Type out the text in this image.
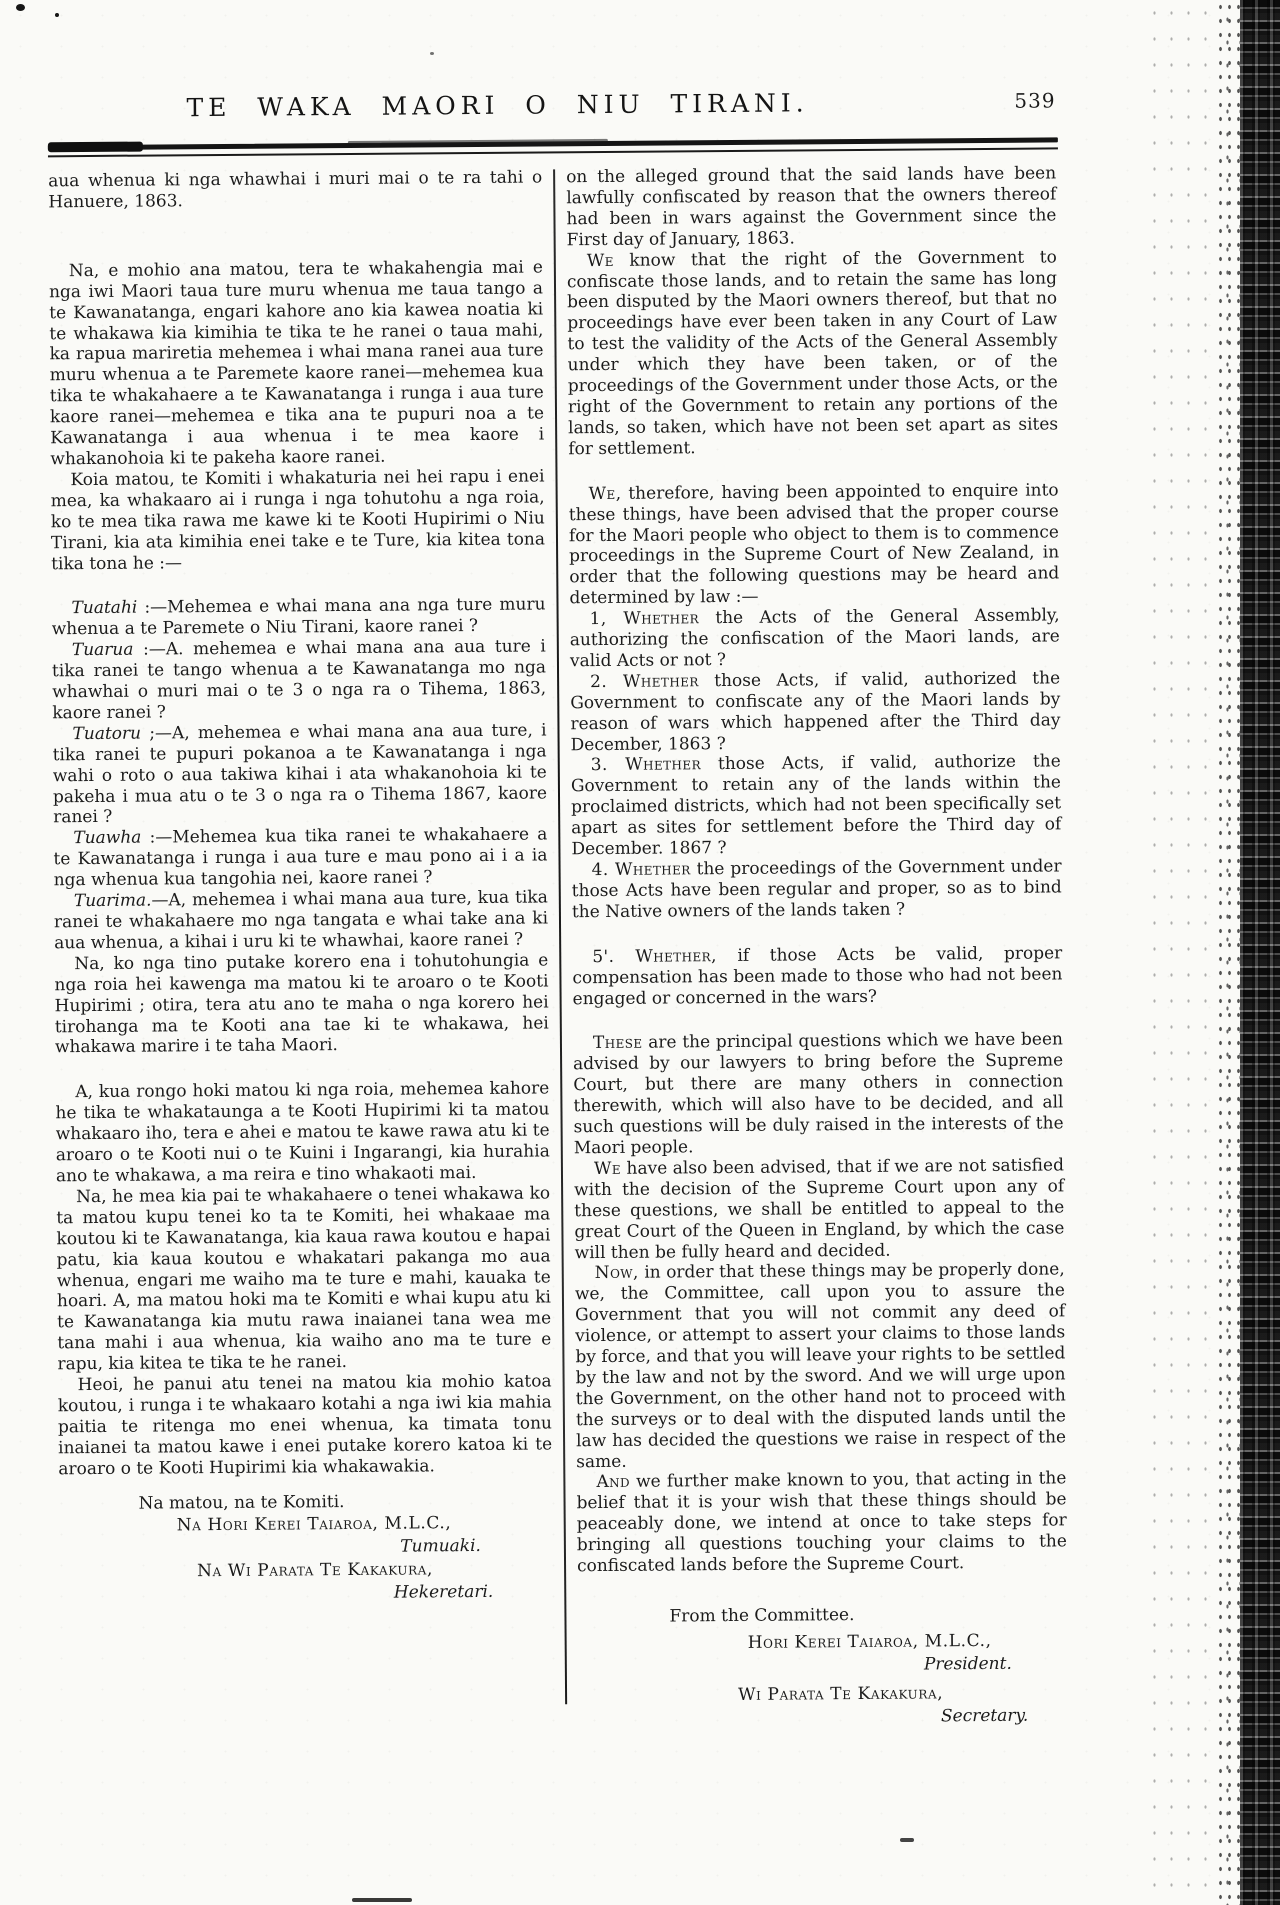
TE WAKA MAORI O NIU TIRANI.	539

aua whenua ki nga whawhai i muri mai o te ra tahi o Hanuere, 1863.

Na, e mohio ana matou, tera te whakahengia mai e nga iwi Maori taua ture muru whenua me taua tango a te Kawanatanga, engari kahore ano kia kawea noatia ki te whakawa kia kimihia te tika te he ranei o taua mahi, ka rapua mariretia mehemea i whai mana ranei aua ture muru whenua a te Paremete kaore ranei—mehemea kua tika te whakahaere a te Kawanatanga i runga i aua ture kaore ranei—mehemea e tika ana te pupuri noa a te Kawanatanga i aua whenua i te mea kaore i whakanohoia ki te pakeha kaore ranei.

Koia matou, te Komiti i whakaturia nei hei rapu i enei mea, ka whakaaro ai i runga i nga tohutohu a nga roia, ko te mea tika rawa me kawe ki te Kooti Hupirimi o Niu Tirani, kia ata kimihia enei take e te Ture, kia kitea tona tika tona he :—

Tuatahi :—Mehemea e whai mana ana nga ture muru whenua a te Paremete o Niu Tirani, kaore ranei ?

Tuarua :—A. mehemea e whai mana ana aua ture i tika ranei te tango whenua a te Kawanatanga mo nga whawhai o muri mai o te 3 o nga ra o Tihema, 1863, kaore ranei ?

Tuatoru ;—A, mehemea e whai mana ana aua ture, i tika ranei te pupuri pokanoa a te Kawanatanga i nga wahi o roto o aua takiwa kihai i ata whakanohoia ki te pakeha i mua atu o te 3 o nga ra o Tihema 1867, kaore ranei ?

Tuawha :—Mehemea kua tika ranei te whakahaere a te Kawanatanga i runga i aua ture e mau pono ai i a ia nga whenua kua tangohia nei, kaore ranei ?

Tuarima.—A, mehemea i whai mana aua ture, kua tika ranei te whakahaere mo nga tangata e whai take ana ki aua whenua, a kihai i uru ki te whawhai, kaore ranei ?

Na, ko nga tino putake korero ena i tohutohungia e nga roia hei kawenga ma matou ki te aroaro o te Kooti Hupirimi ; otira, tera atu ano te maha o nga korero hei tirohanga ma te Kooti ana tae ki te whakawa, hei whakawa marire i te taha Maori.

A, kua rongo hoki matou ki nga roia, mehemea kahore he tika te whakataunga a te Kooti Hupirimi ki ta matou whakaaro iho, tera e ahei e matou te kawe rawa atu ki te aroaro o te Kooti nui o te Kuini i Ingarangi, kia hurahia ano te whakawa, a ma reira e tino whakaoti mai.

Na, he mea kia pai te whakahaere o tenei whakawa ko ta matou kupu tenei ko ta te Komiti, hei whakaae ma koutou ki te Kawanatanga, kia kaua rawa koutou e hapai patu, kia kaua koutou e whakatari pakanga mo aua whenua, engari me waiho ma te ture e mahi, kauaka te hoari. A, ma matou hoki ma te Komiti e whai kupu atu ki te Kawanatanga kia mutu rawa inaianei tana wea me tana mahi i aua whenua, kia waiho ano ma te ture e rapu, kia kitea te tika te he ranei.

Heoi, he panui atu tenei na matou kia mohio katoa koutou, i runga i te whakaaro kotahi a nga iwi kia mahia paitia te ritenga mo enei whenua, ka timata tonu inaianei ta matou kawe i enei putake korero katoa ki te aroaro o te Kooti Hupirimi kia whakawakia.

Na matou, na te Komiti.

Na Hori Kerei Taiaroa, M.L.C.,

Tumuaki.

Na Wi Parata Te Kakakura,

Hekeretari.

on the alleged ground that the said lands have been lawfully confiscated by reason that the owners thereof had been in wars against the Government since the First day of January, 1863.

We know that the right of the Government to confiscate those lands, and to retain the same has long been disputed by the Maori owners thereof, but that no proceedings have ever been taken in any Court of Law to test the validity of the Acts of the General Assembly under which they have been taken, or of the proceedings of the Government under those Acts, or the right of the Government to retain any portions of the lands, so taken, which have not been set apart as sites for settlement.

We, therefore, having been appointed to enquire into these things, have been advised that the proper course for the Maori people who object to them is to commence proceedings in the Supreme Court of New Zealand, in order that the following questions may be heard and determined by law :—

1, Whether the Acts of the General Assembly, authorizing the confiscation of the Maori lands, are valid Acts or not ?

2. Whether those Acts, if valid, authorized the Government to confiscate any of the Maori lands by reason of wars which happened after the Third day December, 1863 ?

3. Whether those Acts, if valid, authorize the Government to retain any of the lands within the proclaimed districts, which had not been specifically set apart as sites for settlement before the Third day of December. 1867 ?

4. Whether the proceedings of the Government under those Acts have been regular and proper, so as to bind the Native owners of the lands taken ?

5'. Whether, if those Acts be valid, proper compensation has been made to those who had not been engaged or concerned in the wars?

These are the principal questions which we have been advised by our lawyers to bring before the Supreme Court, but there are many others in connection therewith, which will also have to be decided, and all such questions will be duly raised in the interests of the Maori people.

We have also been advised, that if we are not satisfied with the decision of the Supreme Court upon any of these questions, we shall be entitled to appeal to the great Court of the Queen in England, by which the case will then be fully heard and decided.

Now, in order that these things may be properly done, we, the Committee, call upon you to assure the Government that you will not commit any deed of violence, or attempt to assert your claims to those lands by force, and that you will leave your rights to be settled by the law and not by the sword. And we will urge upon the Government, on the other hand not to proceed with the surveys or to deal with the disputed lands until the law has decided the questions we raise in respect of the same.

And we further make known to you, that acting in the belief that it is your wish that these things should be peaceably done, we intend at once to take steps for bringing all questions touching your claims to the confiscated lands before the Supreme Court.

From the Committee.

Hori Kerei Taiaroa, M.L.C.,

President.

Wi Parata Te Kakakura,

Secretary.
